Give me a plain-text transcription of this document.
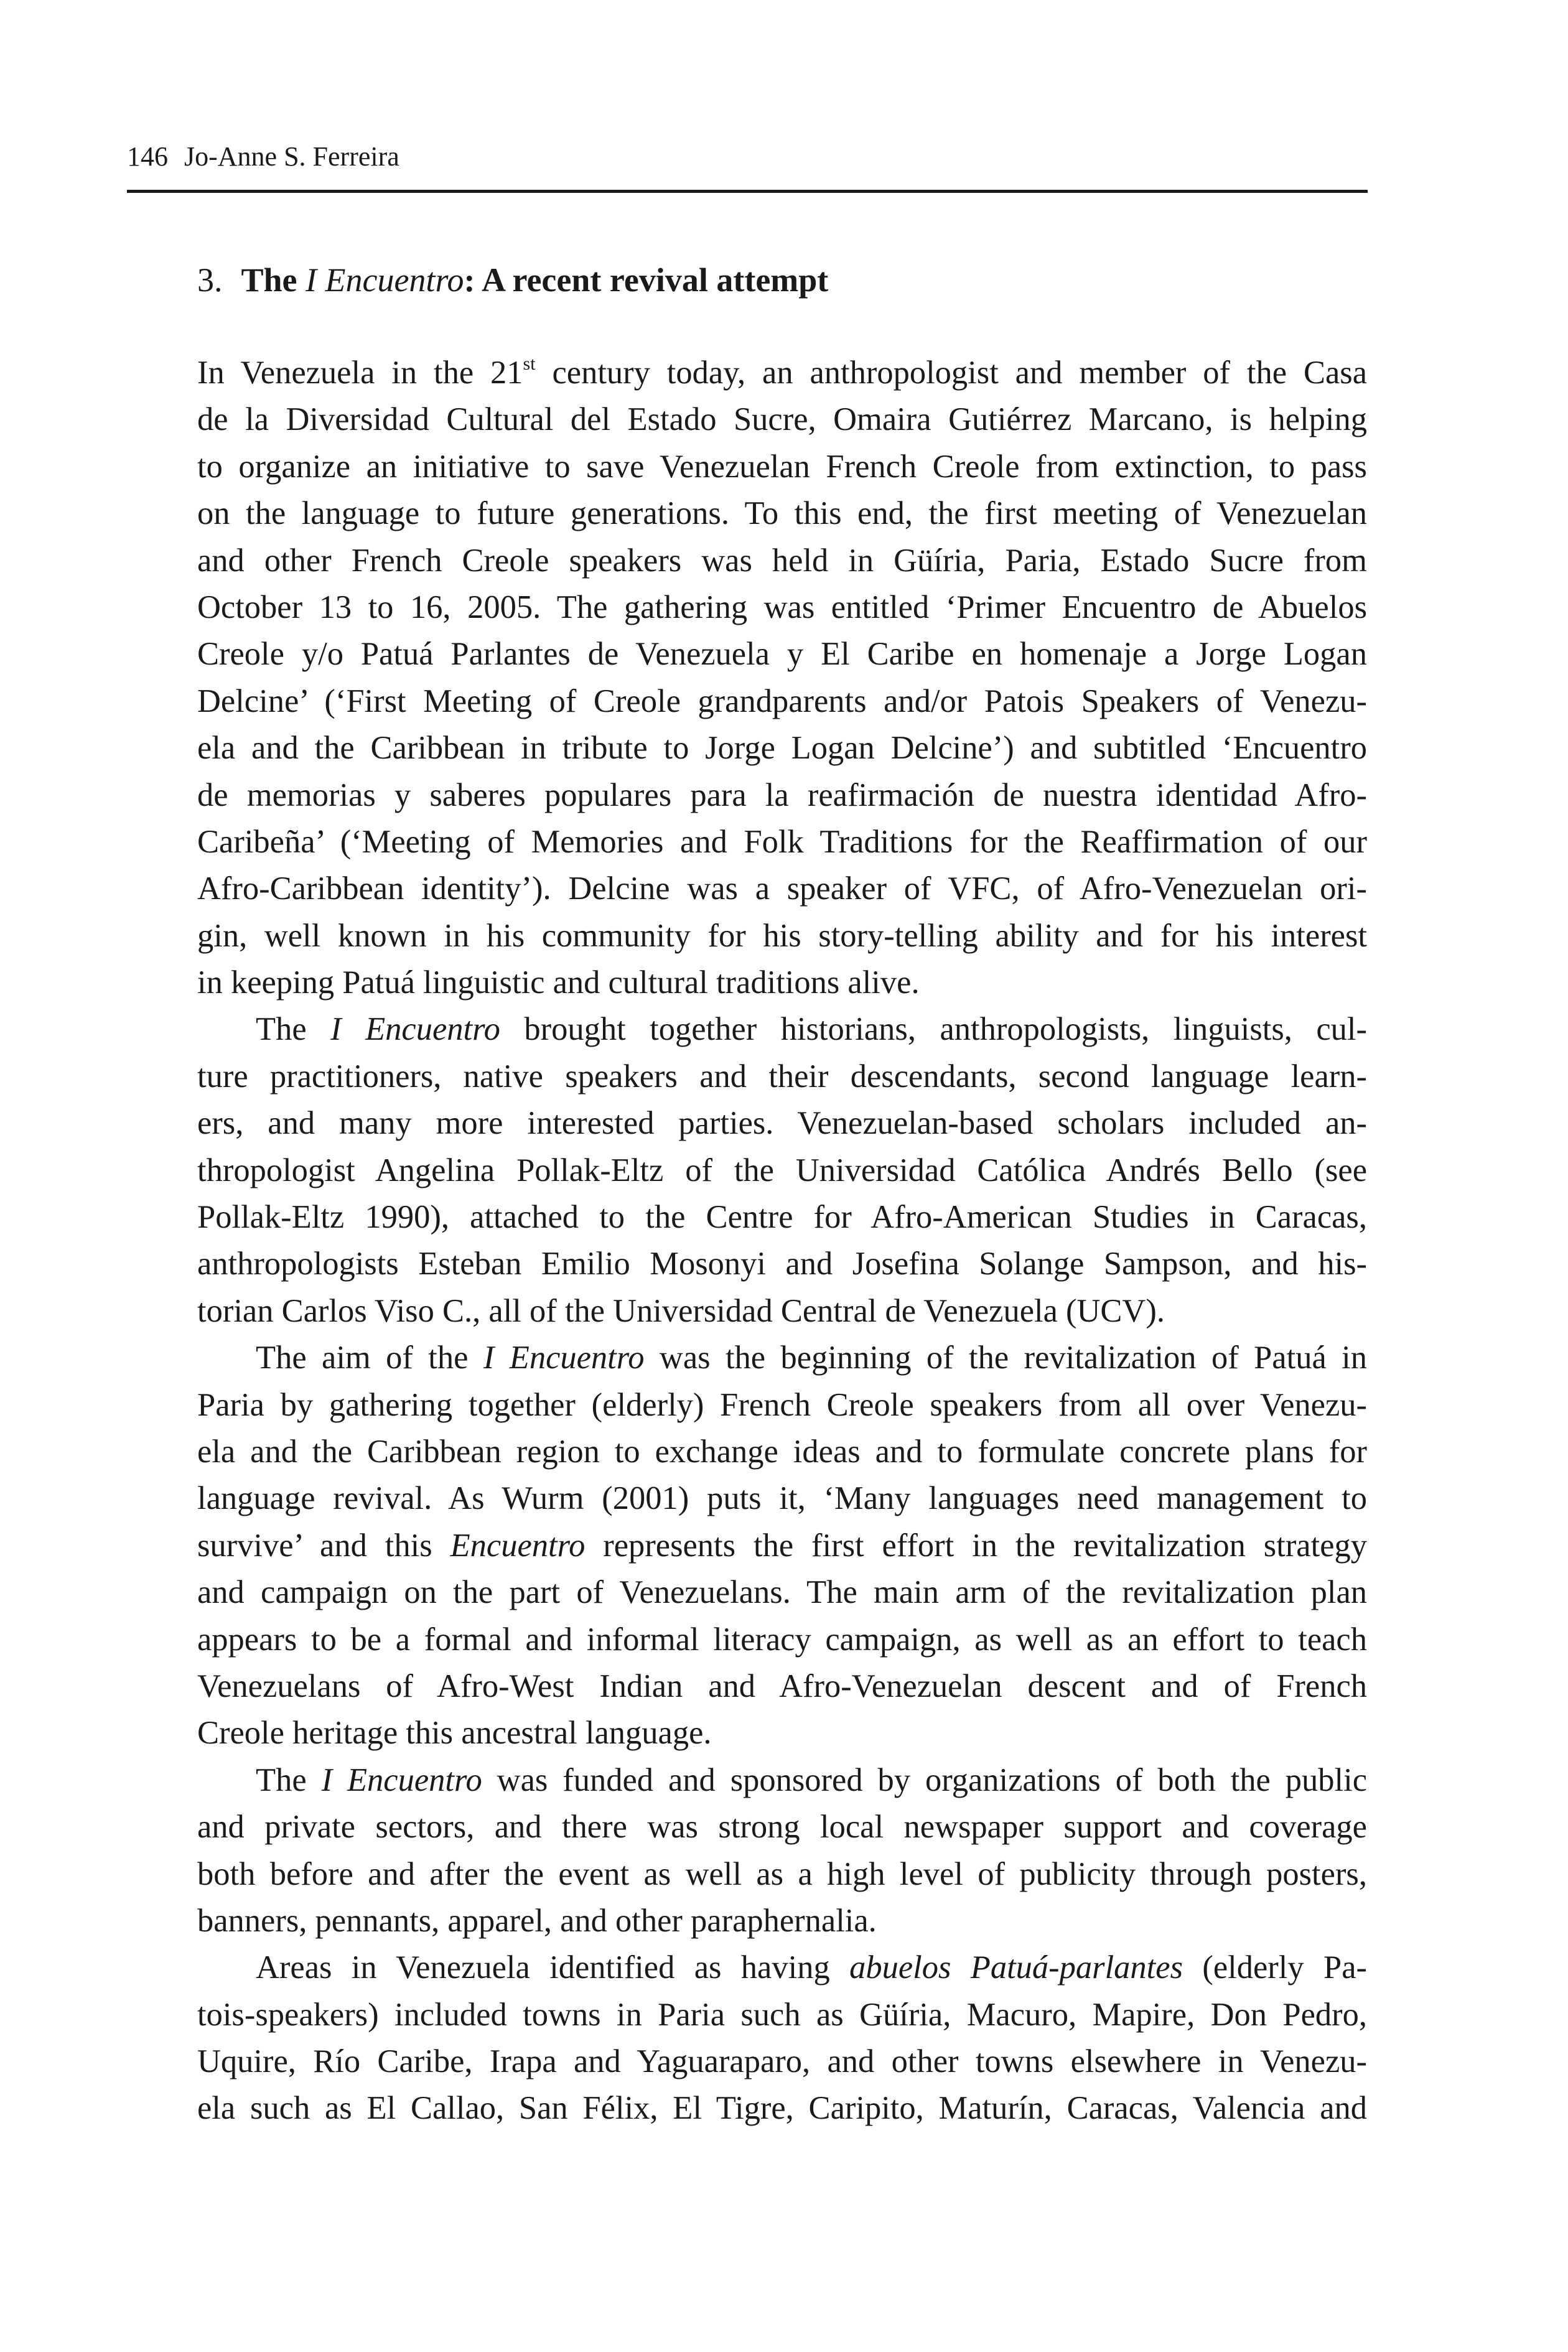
146 Jo-Anne S. Ferreira
3. The I Encuentro: A recent revival attempt
In Venezuela in the 21st century today, an anthropologist and member of the Casa
de la Diversidad Cultural del Estado Sucre, Omaira Gutiérrez Marcano, is helping
to organize an initiative to save Venezuelan French Creole from extinction, to pass
on the language to future generations. To this end, the first meeting of Venezuelan
and other French Creole speakers was held in Güíria, Paria, Estado Sucre from
October 13 to 16, 2005. The gathering was entitled ‘Primer Encuentro de Abuelos
Creole y/o Patuá Parlantes de Venezuela y El Caribe en homenaje a Jorge Logan
Delcine’ (‘First Meeting of Creole grandparents and/or Patois Speakers of Venezu-
ela and the Caribbean in tribute to Jorge Logan Delcine’) and subtitled ‘Encuentro
de memorias y saberes populares para la reafirmación de nuestra identidad Afro-
Caribeña’ (‘Meeting of Memories and Folk Traditions for the Reaffirmation of our
Afro-Caribbean identity’). Delcine was a speaker of VFC, of Afro-Venezuelan ori-
gin, well known in his community for his story-telling ability and for his interest
in keeping Patuá linguistic and cultural traditions alive.
The I Encuentro brought together historians, anthropologists, linguists, cul-
ture practitioners, native speakers and their descendants, second language learn-
ers, and many more interested parties. Venezuelan-based scholars included an-
thropologist Angelina Pollak-Eltz of the Universidad Católica Andrés Bello (see
Pollak-Eltz 1990), attached to the Centre for Afro-American Studies in Caracas,
anthropologists Esteban Emilio Mosonyi and Josefina Solange Sampson, and his-
torian Carlos Viso C., all of the Universidad Central de Venezuela (UCV).
The aim of the I Encuentro was the beginning of the revitalization of Patuá in
Paria by gathering together (elderly) French Creole speakers from all over Venezu-
ela and the Caribbean region to exchange ideas and to formulate concrete plans for
language revival. As Wurm (2001) puts it, ‘Many languages need management to
survive’ and this Encuentro represents the first effort in the revitalization strategy
and campaign on the part of Venezuelans. The main arm of the revitalization plan
appears to be a formal and informal literacy campaign, as well as an effort to teach
Venezuelans of Afro-West Indian and Afro-Venezuelan descent and of French
Creole heritage this ancestral language.
The I Encuentro was funded and sponsored by organizations of both the public
and private sectors, and there was strong local newspaper support and coverage
both before and after the event as well as a high level of publicity through posters,
banners, pennants, apparel, and other paraphernalia.
Areas in Venezuela identified as having abuelos Patuá-parlantes (elderly Pa-
tois-speakers) included towns in Paria such as Güíria, Macuro, Mapire, Don Pedro,
Uquire, Río Caribe, Irapa and Yaguaraparo, and other towns elsewhere in Venezu-
ela such as El Callao, San Félix, El Tigre, Caripito, Maturín, Caracas, Valencia and
